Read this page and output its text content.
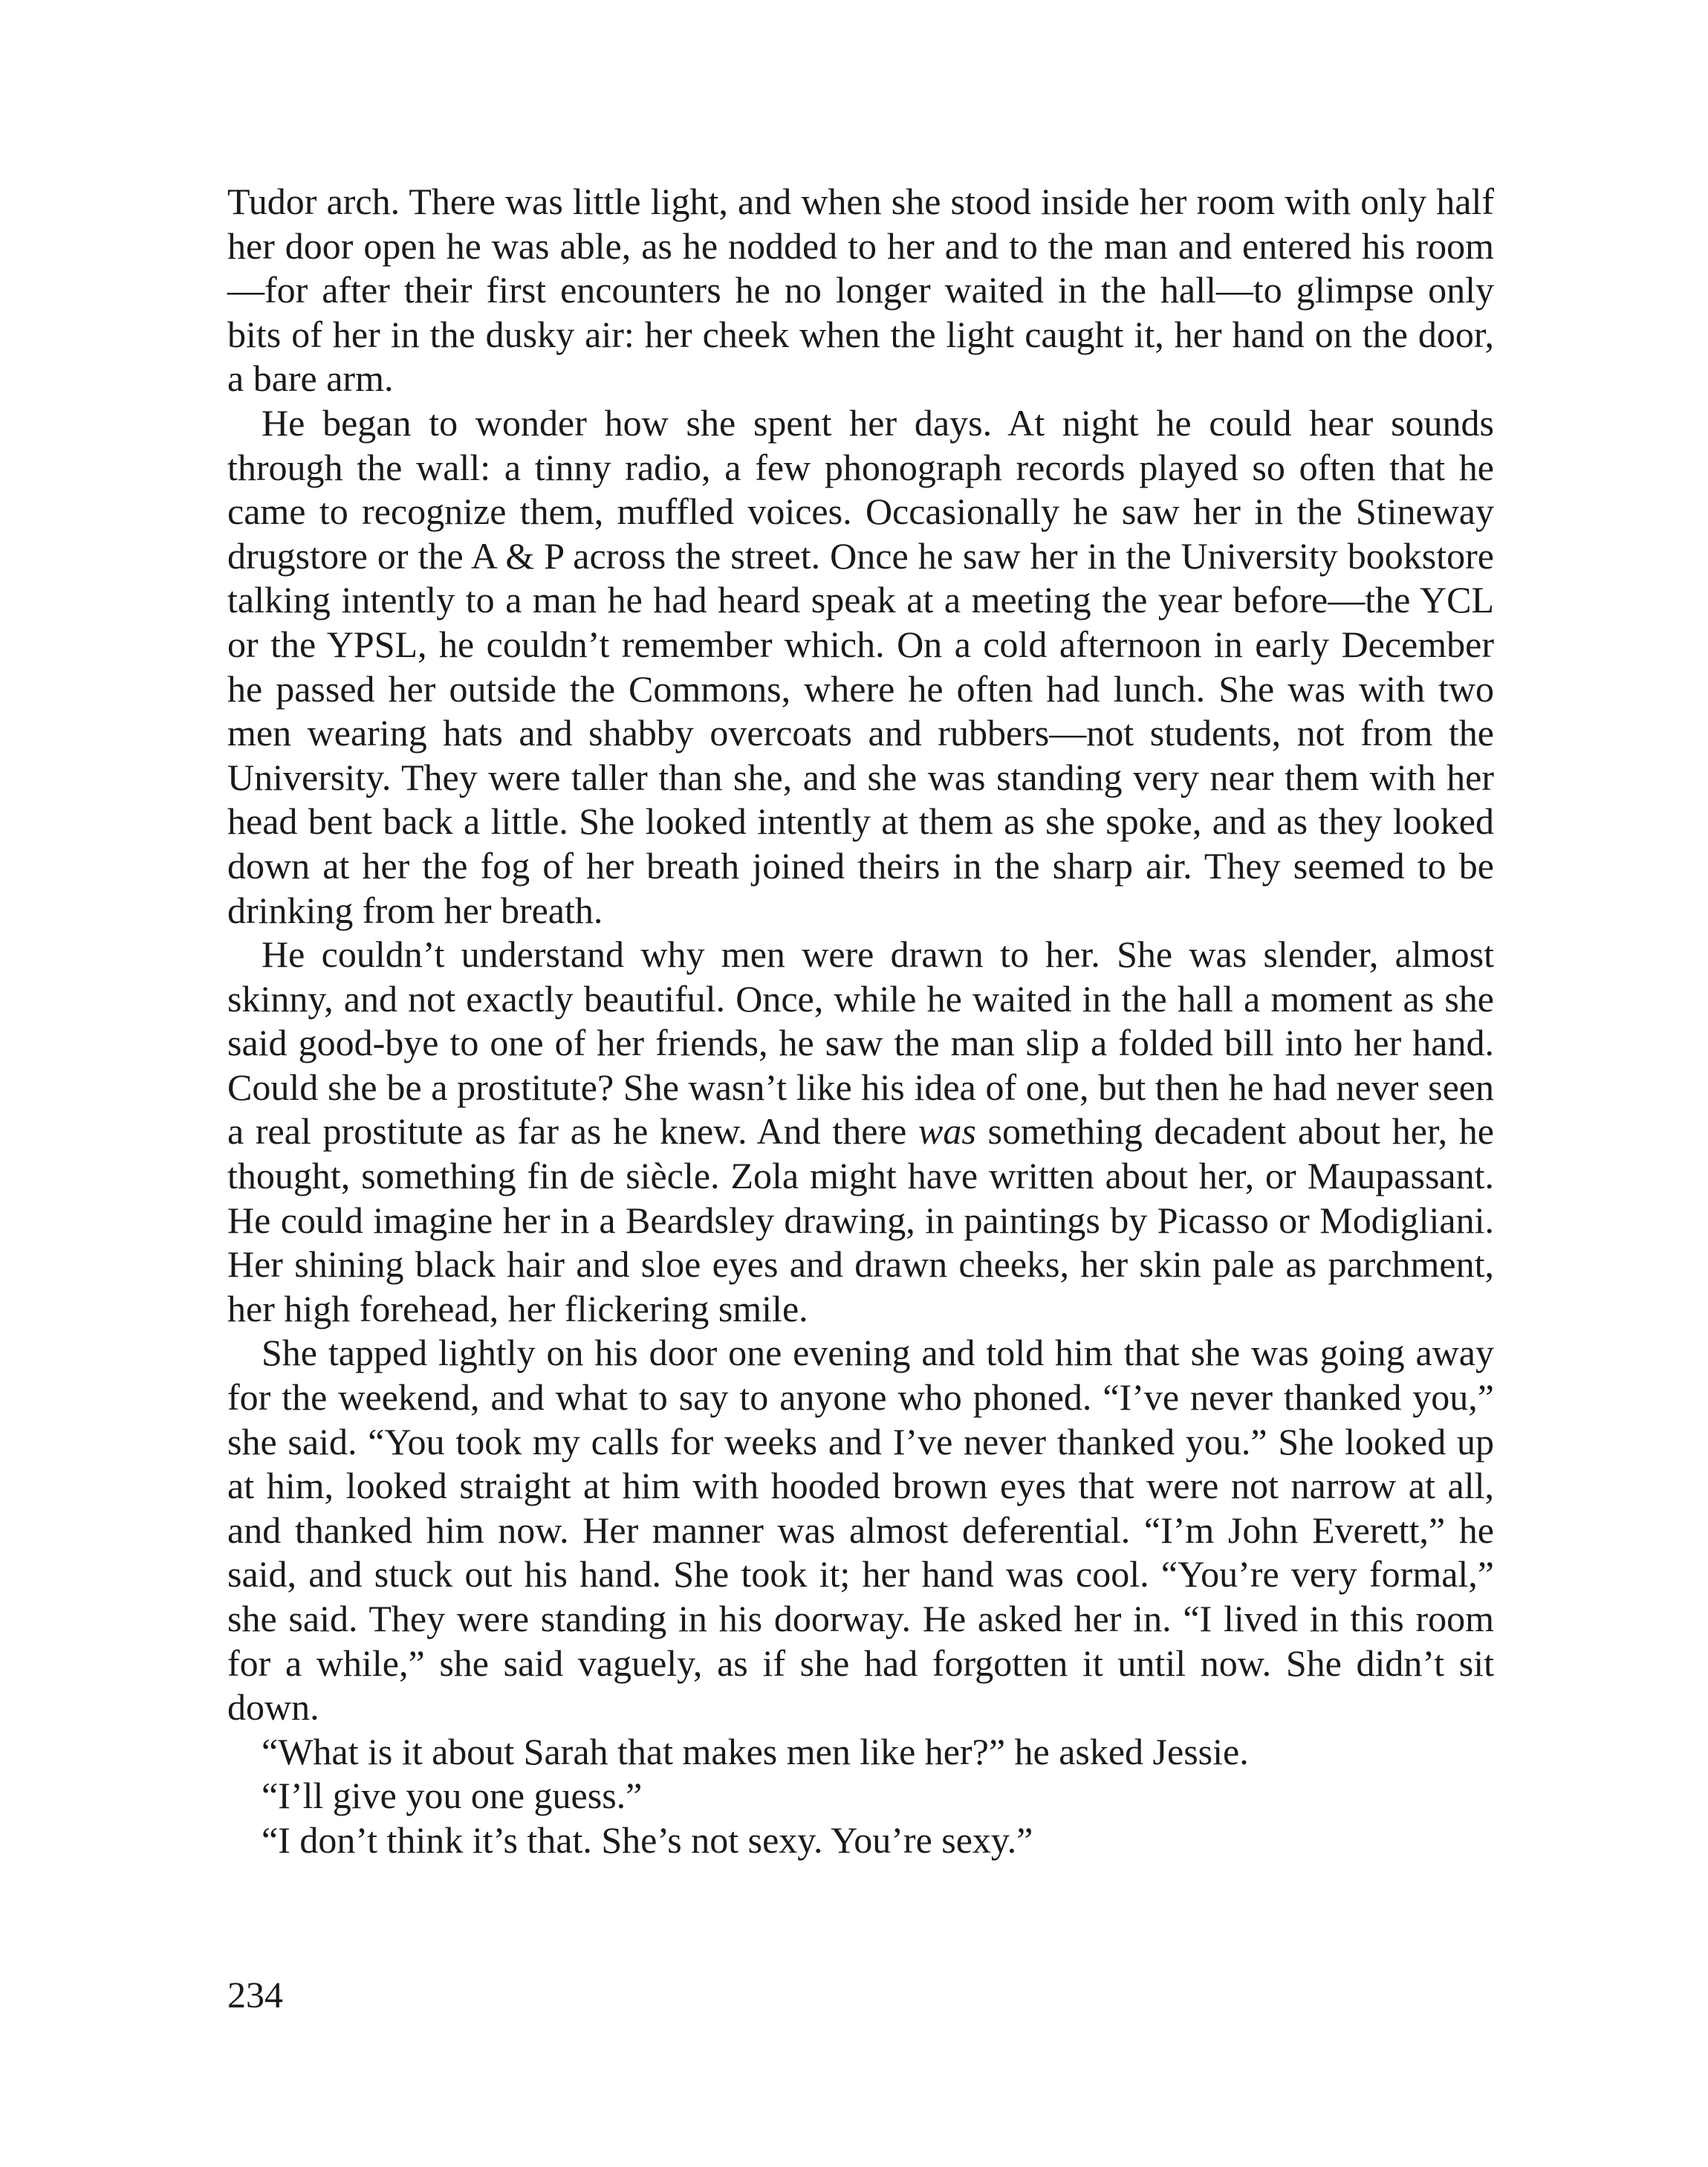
Tudor arch. There was little light, and when she stood inside her room with only half her door open he was able, as he nodded to her and to the man and entered his room—for after their first encounters he no longer waited in the hall—to glimpse only bits of her in the dusky air: her cheek when the light caught it, her hand on the door, a bare arm.

He began to wonder how she spent her days. At night he could hear sounds through the wall: a tinny radio, a few phonograph records played so often that he came to recognize them, muffled voices. Occasionally he saw her in the Stineway drugstore or the A & P across the street. Once he saw her in the University bookstore talking intently to a man he had heard speak at a meeting the year before—the YCL or the YPSL, he couldn’t remember which. On a cold afternoon in early December he passed her outside the Commons, where he often had lunch. She was with two men wearing hats and shabby overcoats and rubbers—not students, not from the University. They were taller than she, and she was standing very near them with her head bent back a little. She looked intently at them as she spoke, and as they looked down at her the fog of her breath joined theirs in the sharp air. They seemed to be drinking from her breath.

He couldn’t understand why men were drawn to her. She was slender, almost skinny, and not exactly beautiful. Once, while he waited in the hall a moment as she said good-bye to one of her friends, he saw the man slip a folded bill into her hand. Could she be a prostitute? She wasn’t like his idea of one, but then he had never seen a real prostitute as far as he knew. And there was something decadent about her, he thought, something fin de siècle. Zola might have written about her, or Maupassant. He could imagine her in a Beardsley drawing, in paintings by Picasso or Modigliani. Her shining black hair and sloe eyes and drawn cheeks, her skin pale as parchment, her high forehead, her flickering smile.

She tapped lightly on his door one evening and told him that she was going away for the weekend, and what to say to anyone who phoned. “I’ve never thanked you,” she said. “You took my calls for weeks and I’ve never thanked you.” She looked up at him, looked straight at him with hooded brown eyes that were not narrow at all, and thanked him now. Her manner was almost deferential. “I’m John Everett,” he said, and stuck out his hand. She took it; her hand was cool. “You’re very formal,” she said. They were standing in his doorway. He asked her in. “I lived in this room for a while,” she said vaguely, as if she had forgotten it until now. She didn’t sit down.

“What is it about Sarah that makes men like her?” he asked Jessie.

“I’ll give you one guess.”

“I don’t think it’s that. She’s not sexy. You’re sexy.”

234
